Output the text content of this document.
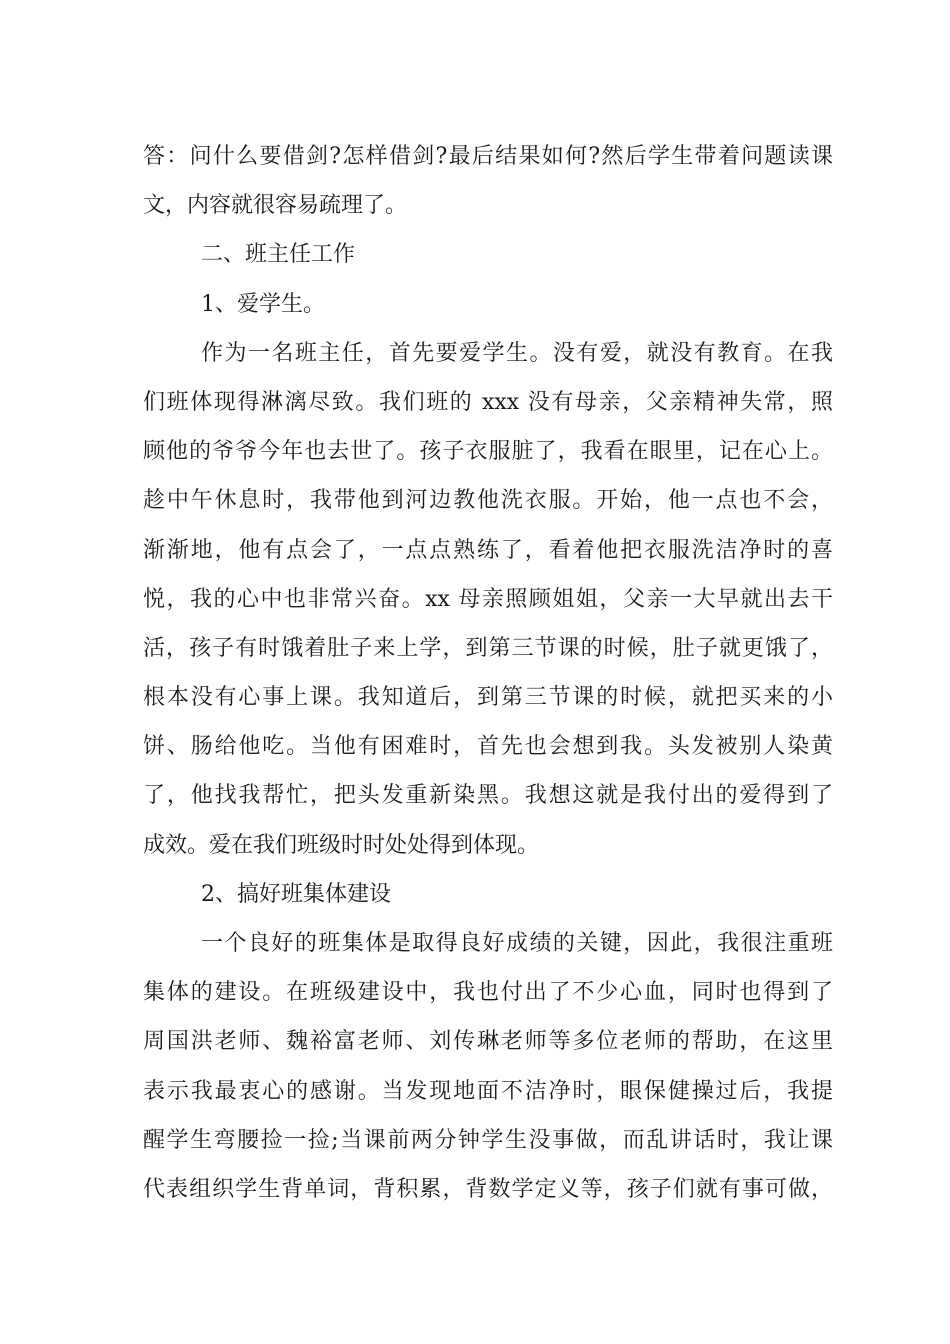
答：问什么要借剑?怎样借剑?最后结果如何?然后学生带着问题读课
文，内容就很容易疏理了。
二、班主任工作
1、爱学生。
作为一名班主任，首先要爱学生。没有爱，就没有教育。在我
们班体现得淋漓尽致。我们班的 xxx 没有母亲，父亲精神失常，照
顾他的爷爷今年也去世了。孩子衣服脏了，我看在眼里，记在心上。
趁中午休息时，我带他到河边教他洗衣服。开始，他一点也不会，
渐渐地，他有点会了，一点点熟练了，看着他把衣服洗洁净时的喜
悦，我的心中也非常兴奋。xx 母亲照顾姐姐，父亲一大早就出去干
活，孩子有时饿着肚子来上学，到第三节课的时候，肚子就更饿了，
根本没有心事上课。我知道后，到第三节课的时候，就把买来的小
饼、肠给他吃。当他有困难时，首先也会想到我。头发被别人染黄
了，他找我帮忙，把头发重新染黑。我想这就是我付出的爱得到了
成效。爱在我们班级时时处处得到体现。
2、搞好班集体建设
一个良好的班集体是取得良好成绩的关键，因此，我很注重班
集体的建设。在班级建设中，我也付出了不少心血，同时也得到了
周国洪老师、魏裕富老师、刘传琳老师等多位老师的帮助，在这里
表示我最衷心的感谢。当发现地面不洁净时，眼保健操过后，我提
醒学生弯腰捡一捡;当课前两分钟学生没事做，而乱讲话时，我让课
代表组织学生背单词，背积累，背数学定义等，孩子们就有事可做，
